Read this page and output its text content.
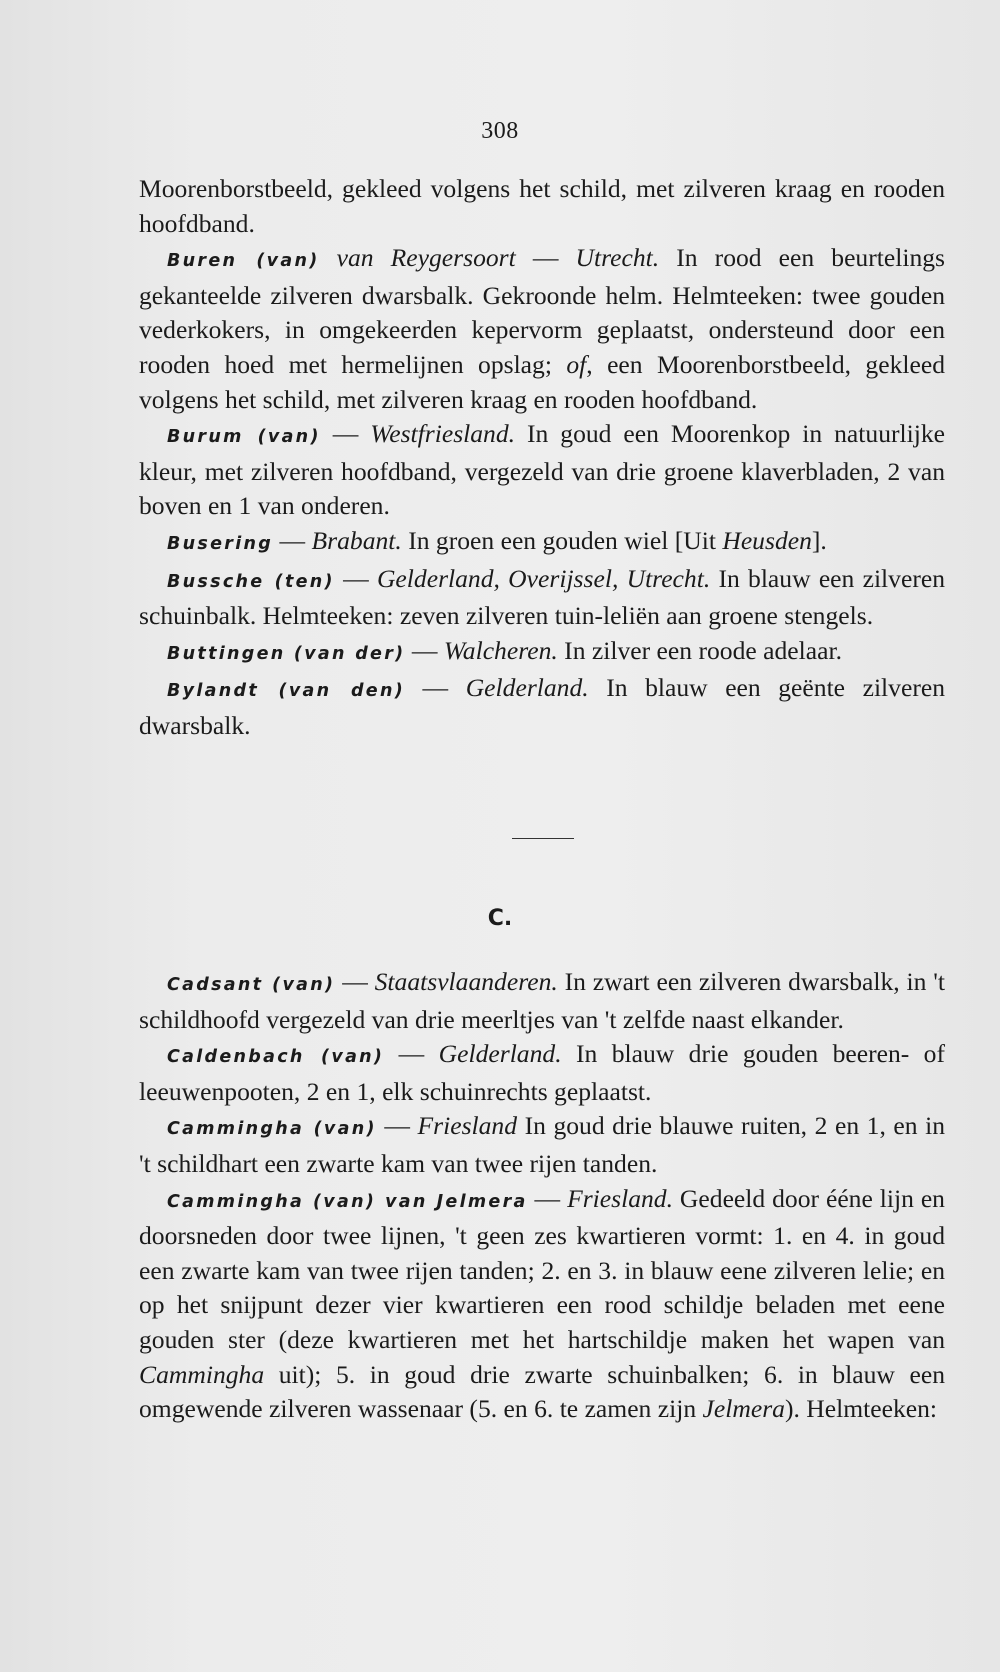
308

Moorenborstbeeld, gekleed volgens het schild, met zilveren kraag en rooden hoofdband.

Buren (van) van Reygersoort — Utrecht. In rood een beurtelings gekanteelde zilveren dwarsbalk. Gekroonde helm. Helmteeken: twee gouden vederkokers, in omgekeerden kepervorm geplaatst, ondersteund door een rooden hoed met hermelijnen opslag; of, een Moorenborstbeeld, gekleed volgens het schild, met zilveren kraag en rooden hoofdband.

Burum (van) — Westfriesland. In goud een Moorenkop in natuurlijke kleur, met zilveren hoofdband, vergezeld van drie groene klaverbladen, 2 van boven en 1 van onderen.

Busering — Brabant. In groen een gouden wiel [Uit Heusden].

Bussche (ten) — Gelderland, Overijssel, Utrecht. In blauw een zilveren schuinbalk. Helmteeken: zeven zilveren tuin-leliën aan groene stengels.

Buttingen (van der) — Walcheren. In zilver een roode adelaar.

Bylandt (van den) — Gelderland. In blauw een geënte zilveren dwarsbalk.

C.

Cadsant (van) — Staatsvlaanderen. In zwart een zilveren dwarsbalk, in 't schildhoofd vergezeld van drie meerltjes van 't zelfde naast elkander.

Caldenbach (van) — Gelderland. In blauw drie gouden beeren- of leeuwenpooten, 2 en 1, elk schuinrechts geplaatst.

Camminghа (van) — Friesland In goud drie blauwe ruiten, 2 en 1, en in 't schildhart een zwarte kam van twee rijen tanden.

Camminghа (van) van Jelmera — Friesland. Gedeeld door ééne lijn en doorsneden door twee lijnen, 't geen zes kwartieren vormt: 1. en 4. in goud een zwarte kam van twee rijen tanden; 2. en 3. in blauw eene zilveren lelie; en op het snijpunt dezer vier kwartieren een rood schildje beladen met eene gouden ster (deze kwartieren met het hartschildje maken het wapen van Camminghа uit); 5. in goud drie zwarte schuinbalken; 6. in blauw een omgewende zilveren wassenaar (5. en 6. te zamen zijn Jelmera). Helmteeken:
